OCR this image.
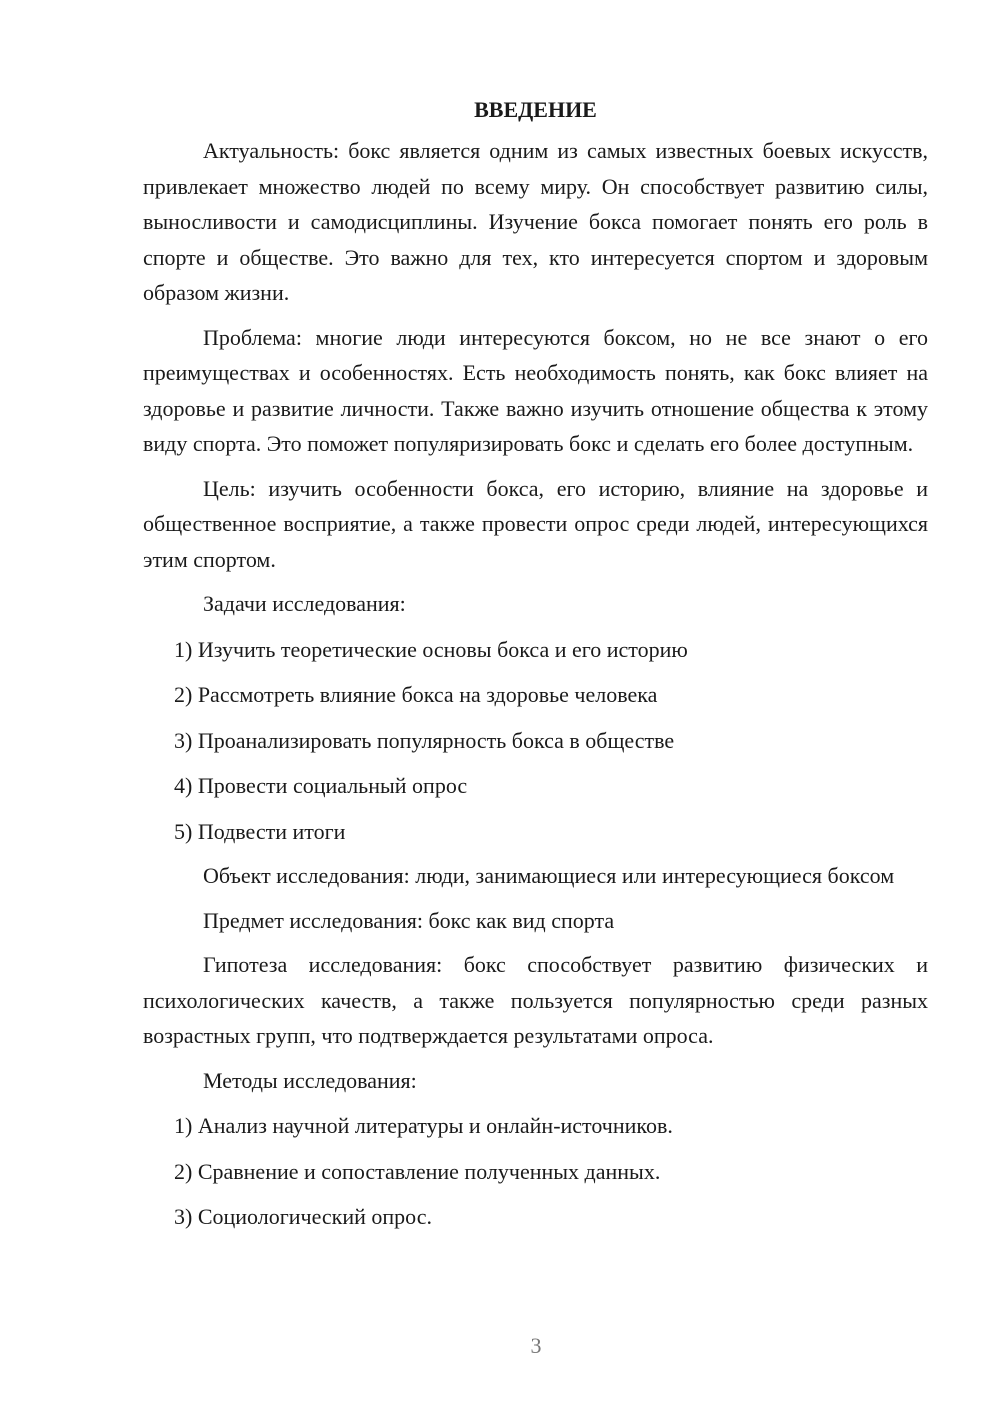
ВВЕДЕНИЕ

Актуальность: бокс является одним из самых известных боевых искусств, привлекает множество людей по всему миру. Он способствует развитию силы, выносливости и самодисциплины. Изучение бокса помогает понять его роль в спорте и обществе. Это важно для тех, кто интересуется спортом и здоровым образом жизни.

Проблема: многие люди интересуются боксом, но не все знают о его преимуществах и особенностях. Есть необходимость понять, как бокс влияет на здоровье и развитие личности. Также важно изучить отношение общества к этому виду спорта. Это поможет популяризировать бокс и сделать его более доступным.

Цель: изучить особенности бокса, его историю, влияние на здоровье и общественное восприятие, а также провести опрос среди людей, интересующихся этим спортом.

Задачи исследования:

1) Изучить теоретические основы бокса и его историю

2) Рассмотреть влияние бокса на здоровье человека

3) Проанализировать популярность бокса в обществе

4) Провести социальный опрос

5) Подвести итоги

Объект исследования: люди, занимающиеся или интересующиеся боксом

Предмет исследования: бокс как вид спорта

Гипотеза исследования: бокс способствует развитию физических и психологических качеств, а также пользуется популярностью среди разных возрастных групп, что подтверждается результатами опроса.

Методы исследования:

1) Анализ научной литературы и онлайн-источников.

2) Сравнение и сопоставление полученных данных.

3) Социологический опрос.

3
